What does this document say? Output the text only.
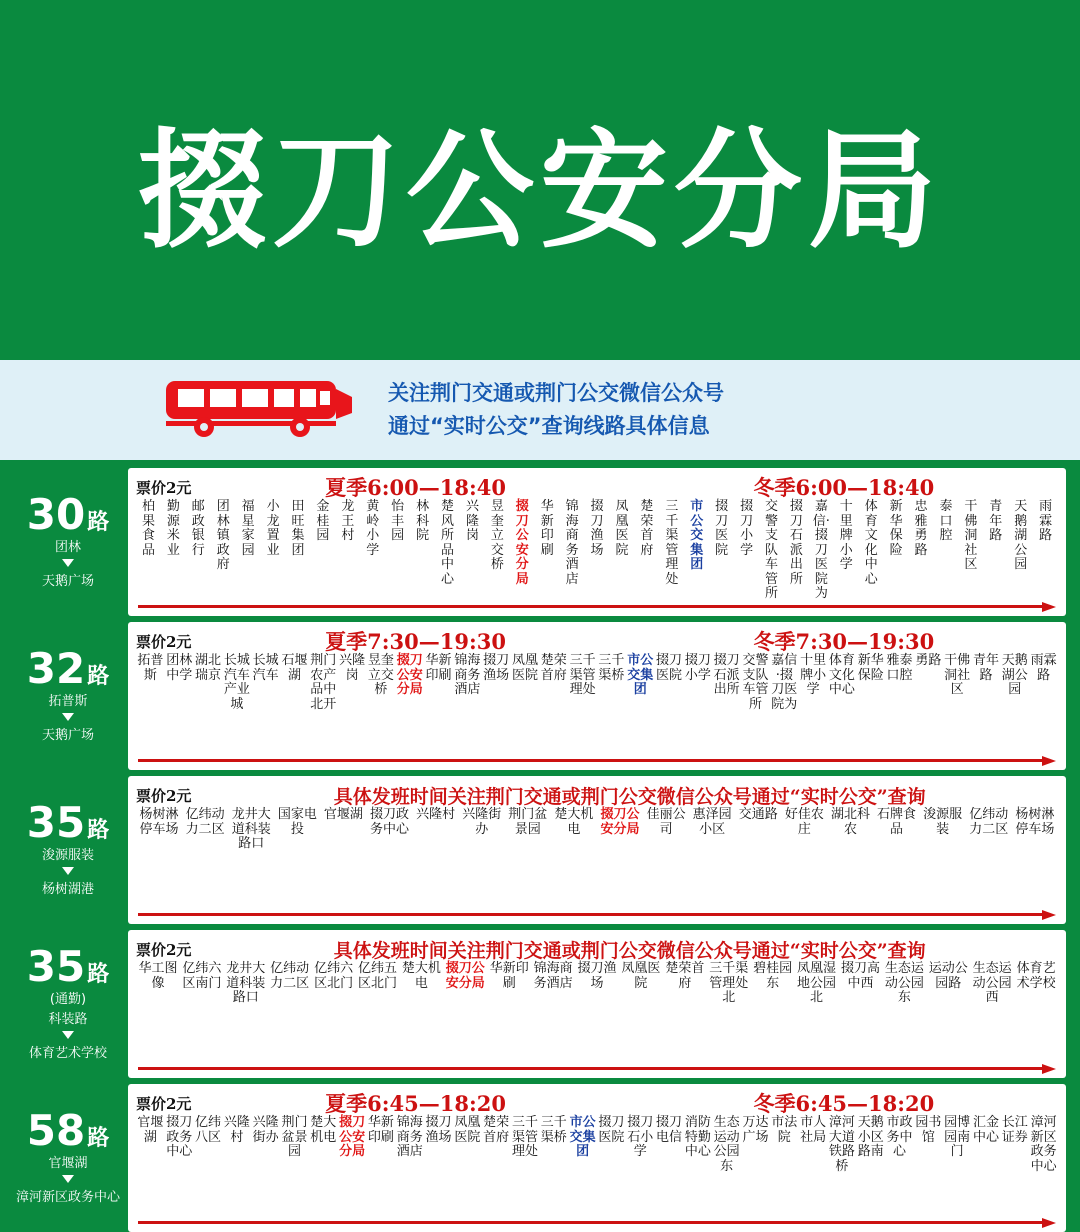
掇刀公安分局
关注荆门交通或荆门公交微信公众号
通过“实时公交”查询线路具体信息
30路
团林
天鹅广场
票价2元	夏季6:00—18:40	冬季6:00—18:40
柏果食品
勤源米业
邮政银行
团林镇政府
福星家园
小龙置业
田旺集团
金桂园
龙王村
黄岭小学
怡丰园
林科院
楚风所品中心
兴隆岗
昱奎立交桥
掇刀公安分局
华新印刷
锦海商务酒店
掇刀渔场
凤凰医院
楚荣首府
三千渠管理处
市公交集团
掇刀医院
掇刀小学
交警支队车管所
掇刀石派出所
嘉信·掇刀医院为
十里牌小学
体育文化中心
新华保险
忠雅勇路
泰口腔
干佛洞社区
青年路
天鹅湖公园
雨霖路
32路
拓普斯
天鹅广场
票价2元	夏季7:30—19:30	冬季7:30—19:30
拓普斯
团林中学
湖北瑞京
长城汽车产业城
长城汽车
石堰湖
荆门农产品中北开
兴隆岗
昱奎立交桥
掇刀公安分局
华新印刷
锦海商务酒店
掇刀渔场
凤凰医院
楚荣首府
三千渠管理处
三千渠桥
市公交集团
掇刀医院
掇刀小学
掇刀石派出所
交警支队车管所
嘉信·掇刀医院为
十里牌小学
体育文化中心
新华保险
雅泰口腔
勇路 干佛洞社区
青年路
天鹅湖公园
雨霖路
35路
浚源服装
杨树湖港
票价2元	具体发班时间关注荆门交通或荆门公交微信公众号通过“实时公交”查询
杨树淋停车场
亿纬动力二区
龙井大道科装路口
国家电投
官堰湖 掇刀政务中心
兴隆村 兴隆街办
荆门盆景园
楚大机电
掇刀公安分局
佳丽公司
惠泽园小区
交通路 好佳农庄
湖北科农
石牌食品
浚源服装
亿纬动力二区
杨树淋停车场
35路
(通勤)
科装路
体育艺术学校
票价2元	具体发班时间关注荆门交通或荆门公交微信公众号通过“实时公交”查询
华工图像
亿纬六区南门
龙井大道科装路口
亿纬动力二区
亿纬六区北门
亿纬五区北门
楚大机电
掇刀公安分局
华新印刷
锦海商务酒店
掇刀渔场
凤凰医院
楚荣首府
三千渠管理处北
碧桂园东
凤凰湿地公园北
掇刀高中西
生态运动公园东
运动公园路
生态运动公园西
体育艺术学校
58路
官堰湖
漳河新区政务中心
票价2元	夏季6:45—18:20	冬季6:45—18:20
官堰湖
掇刀政务中心
亿纬八区
兴隆村
兴隆街办
荆门盆景园
楚大机电
掇刀公安分局
华新印刷
锦海商务酒店
掇刀渔场
凤凰医院
楚荣首府
三千渠管理处
三千渠桥
市公交集团
掇刀医院
掇刀石小学
掇刀电信
消防特勤中心
生态运动公园东
万达广场
市法院
市人社局
漳河大道铁路桥
天鹅小区路南
市政务中心
园书馆
园博园南门
汇金中心
长江证券
漳河新区政务中心
